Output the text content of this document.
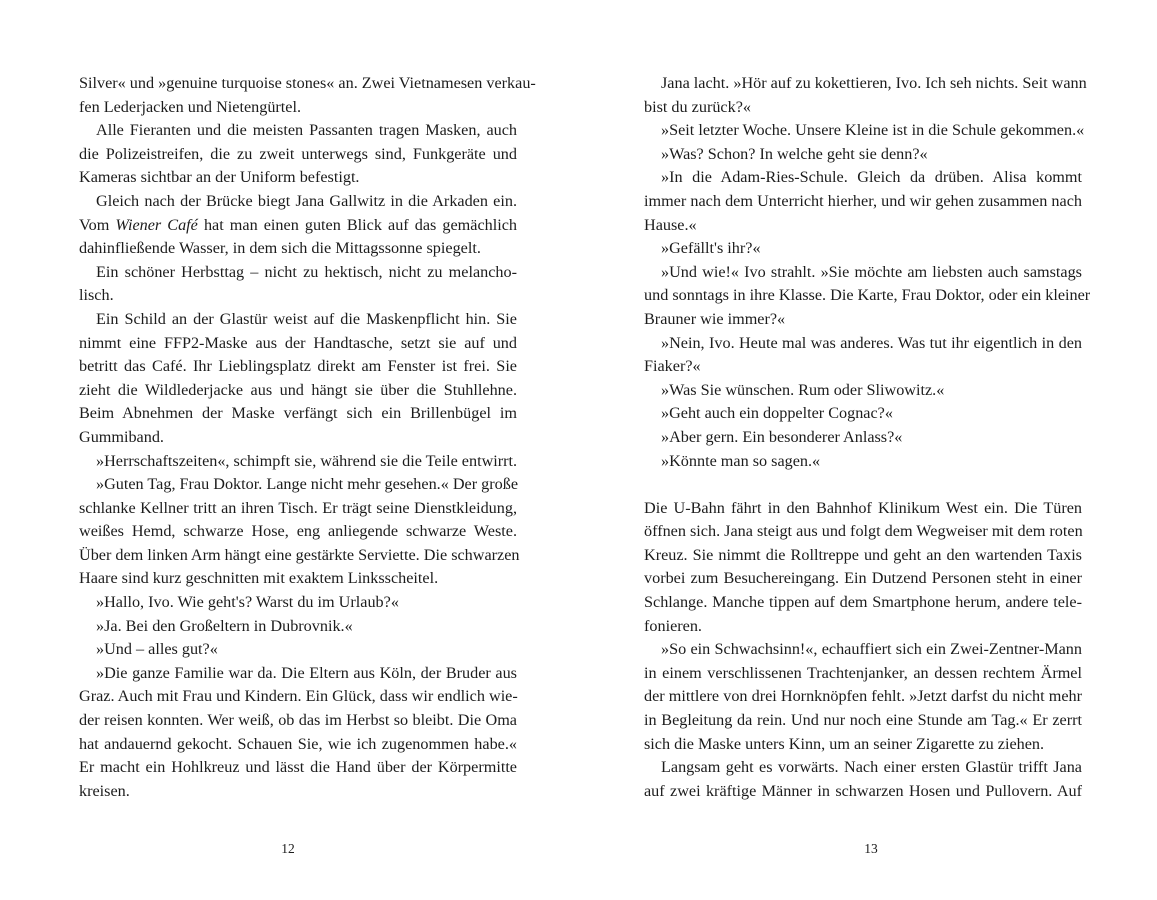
Silver« und »genuine turquoise stones« an. Zwei Vietnamesen verkau-
fen Lederjacken und Nietengürtel.
Alle Fieranten und die meisten Passanten tragen Masken, auch
die Polizeistreifen, die zu zweit unterwegs sind, Funkgeräte und
Kameras sichtbar an der Uniform befestigt.
Gleich nach der Brücke biegt Jana Gallwitz in die Arkaden ein.
Vom Wiener Café hat man einen guten Blick auf das gemächlich
dahinfließende Wasser, in dem sich die Mittagssonne spiegelt.
Ein schöner Herbsttag – nicht zu hektisch, nicht zu melancho-
lisch.
Ein Schild an der Glastür weist auf die Maskenpflicht hin. Sie
nimmt eine FFP2-Maske aus der Handtasche, setzt sie auf und
betritt das Café. Ihr Lieblingsplatz direkt am Fenster ist frei. Sie
zieht die Wildlederjacke aus und hängt sie über die Stuhllehne.
Beim Abnehmen der Maske verfängt sich ein Brillenbügel im
Gummiband.
»Herrschaftszeiten«, schimpft sie, während sie die Teile entwirrt.
»Guten Tag, Frau Doktor. Lange nicht mehr gesehen.« Der große
schlanke Kellner tritt an ihren Tisch. Er trägt seine Dienstkleidung,
weißes Hemd, schwarze Hose, eng anliegende schwarze Weste.
Über dem linken Arm hängt eine gestärkte Serviette. Die schwarzen
Haare sind kurz geschnitten mit exaktem Linksscheitel.
»Hallo, Ivo. Wie geht's? Warst du im Urlaub?«
»Ja. Bei den Großeltern in Dubrovnik.«
»Und – alles gut?«
»Die ganze Familie war da. Die Eltern aus Köln, der Bruder aus
Graz. Auch mit Frau und Kindern. Ein Glück, dass wir endlich wie-
der reisen konnten. Wer weiß, ob das im Herbst so bleibt. Die Oma
hat andauernd gekocht. Schauen Sie, wie ich zugenommen habe.«
Er macht ein Hohlkreuz und lässt die Hand über der Körpermitte
kreisen.
Jana lacht. »Hör auf zu kokettieren, Ivo. Ich seh nichts. Seit wann
bist du zurück?«
»Seit letzter Woche. Unsere Kleine ist in die Schule gekommen.«
»Was? Schon? In welche geht sie denn?«
»In die Adam-Ries-Schule. Gleich da drüben. Alisa kommt
immer nach dem Unterricht hierher, und wir gehen zusammen nach
Hause.«
»Gefällt's ihr?«
»Und wie!« Ivo strahlt. »Sie möchte am liebsten auch samstags
und sonntags in ihre Klasse. Die Karte, Frau Doktor, oder ein kleiner
Brauner wie immer?«
»Nein, Ivo. Heute mal was anderes. Was tut ihr eigentlich in den
Fiaker?«
»Was Sie wünschen. Rum oder Sliwowitz.«
»Geht auch ein doppelter Cognac?«
»Aber gern. Ein besonderer Anlass?«
»Könnte man so sagen.«
Die U-Bahn fährt in den Bahnhof Klinikum West ein. Die Türen
öffnen sich. Jana steigt aus und folgt dem Wegweiser mit dem roten
Kreuz. Sie nimmt die Rolltreppe und geht an den wartenden Taxis
vorbei zum Besuchereingang. Ein Dutzend Personen steht in einer
Schlange. Manche tippen auf dem Smartphone herum, andere tele-
fonieren.
»So ein Schwachsinn!«, echauffiert sich ein Zwei-Zentner-Mann
in einem verschlissenen Trachtenjanker, an dessen rechtem Ärmel
der mittlere von drei Hornknöpfen fehlt. »Jetzt darfst du nicht mehr
in Begleitung da rein. Und nur noch eine Stunde am Tag.« Er zerrt
sich die Maske unters Kinn, um an seiner Zigarette zu ziehen.
Langsam geht es vorwärts. Nach einer ersten Glastür trifft Jana
auf zwei kräftige Männer in schwarzen Hosen und Pullovern. Auf
12	13
